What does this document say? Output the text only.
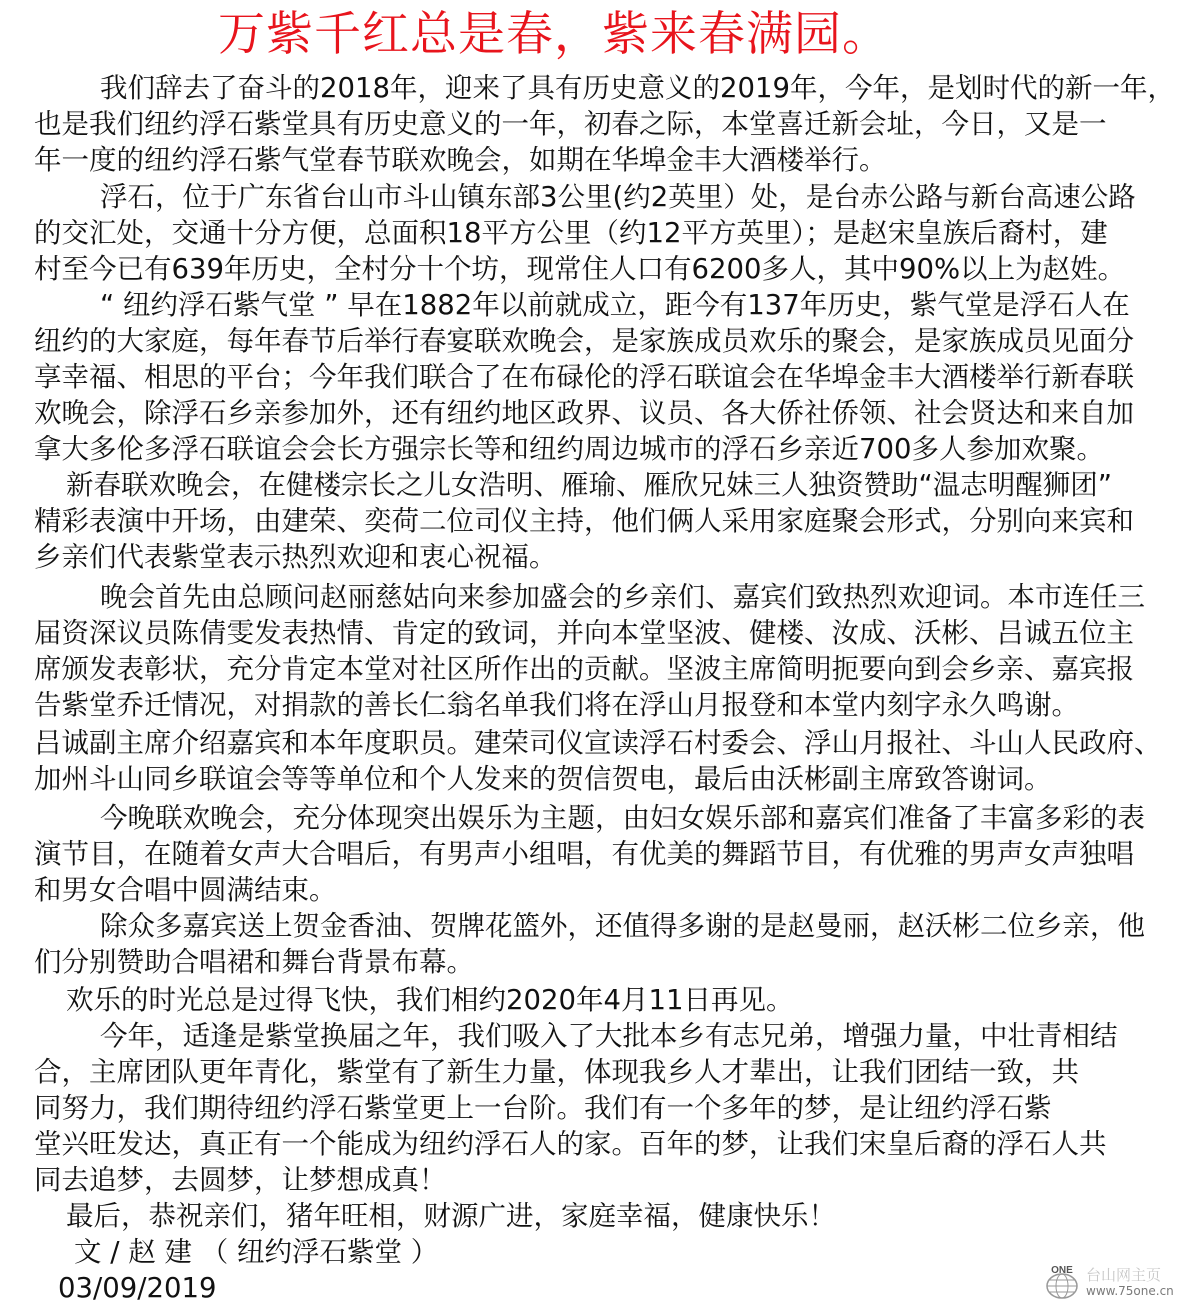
万紫千红总是春，紫来春满园。
我们辞去了奋斗的2018年，迎来了具有历史意义的2019年，今年，是划时代的新一年，
也是我们纽约浮石紫堂具有历史意义的一年，初春之际，本堂喜迁新会址，今日，又是一
年一度的纽约浮石紫气堂春节联欢晚会，如期在华埠金丰大酒楼举行。
浮石，位于广东省台山市斗山镇东部3公里(约2英里）处，是台赤公路与新台高速公路
的交汇处，交通十分方便，总面积18平方公里（约12平方英里）；是赵宋皇族后裔村，建
村至今已有639年历史，全村分十个坊，现常住人口有6200多人，其中90%以上为赵姓。
“ 纽约浮石紫气堂 ” 早在1882年以前就成立，距今有137年历史，紫气堂是浮石人在
纽约的大家庭，每年春节后举行春宴联欢晚会，是家族成员欢乐的聚会，是家族成员见面分
享幸福、相思的平台；今年我们联合了在布碌伦的浮石联谊会在华埠金丰大酒楼举行新春联
欢晚会，除浮石乡亲参加外，还有纽约地区政界、议员、各大侨社侨领、社会贤达和来自加
拿大多伦多浮石联谊会会长方强宗长等和纽约周边城市的浮石乡亲近700多人参加欢聚。
新春联欢晚会，在健楼宗长之儿女浩明、雁瑜、雁欣兄妹三人独资赞助“温志明醒狮团”
精彩表演中开场，由建荣、奕荷二位司仪主持，他们俩人采用家庭聚会形式，分别向来宾和
乡亲们代表紫堂表示热烈欢迎和衷心祝福。
晚会首先由总顾问赵丽慈姑向来参加盛会的乡亲们、嘉宾们致热烈欢迎词。本市连任三
届资深议员陈倩雯发表热情、肯定的致词，并向本堂坚波、健楼、汝成、沃彬、吕诚五位主
席颁发表彰状，充分肯定本堂对社区所作出的贡献。坚波主席简明扼要向到会乡亲、嘉宾报
告紫堂乔迁情况，对捐款的善长仁翁名单我们将在浮山月报登和本堂内刻字永久鸣谢。
吕诚副主席介绍嘉宾和本年度职员。建荣司仪宣读浮石村委会、浮山月报社、斗山人民政府、
加州斗山同乡联谊会等等单位和个人发来的贺信贺电，最后由沃彬副主席致答谢词。
今晚联欢晚会，充分体现突出娱乐为主题，由妇女娱乐部和嘉宾们准备了丰富多彩的表
演节目，在随着女声大合唱后，有男声小组唱，有优美的舞蹈节目，有优雅的男声女声独唱
和男女合唱中圆满结束。
除众多嘉宾送上贺金香油、贺牌花篮外，还值得多谢的是赵曼丽，赵沃彬二位乡亲，他
们分别赞助合唱裙和舞台背景布幕。
欢乐的时光总是过得飞快，我们相约2020年4月11日再见。
今年，适逢是紫堂换届之年，我们吸入了大批本乡有志兄弟，增强力量，中壮青相结
合，主席团队更年青化，紫堂有了新生力量，体现我乡人才辈出，让我们团结一致，共
同努力，我们期待纽约浮石紫堂更上一台阶。我们有一个多年的梦，是让纽约浮石紫
堂兴旺发达，真正有一个能成为纽约浮石人的家。百年的梦，让我们宋皇后裔的浮石人共
同去追梦，去圆梦，让梦想成真！
最后，恭祝亲们，猪年旺相，财源广进，家庭幸福，健康快乐！
文 / 赵 建 （ 纽约浮石紫堂 ）
03/09/2019
ONE 台山网主页
www.75one.cn
